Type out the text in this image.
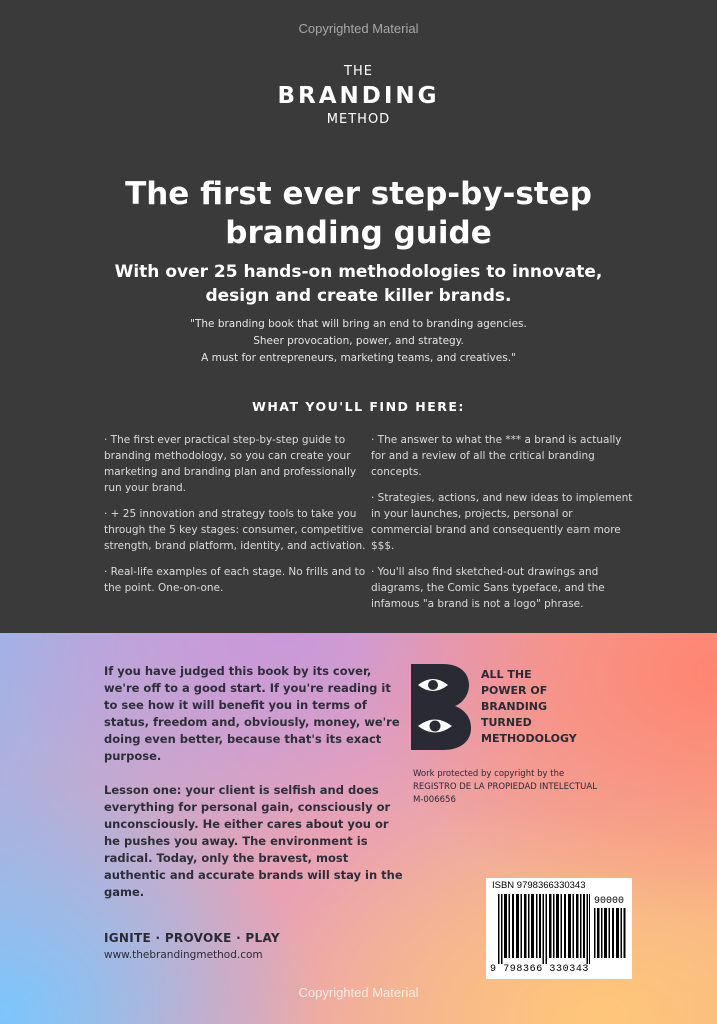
Copyrighted Material
THE
BRANDING
METHOD
The first ever step-by-step
branding guide
With over 25 hands-on methodologies to innovate,
design and create killer brands.
"The branding book that will bring an end to branding agencies.
Sheer provocation, power, and strategy.
A must for entrepreneurs, marketing teams, and creatives."
WHAT YOU'LL FIND HERE:
· The first ever practical step-by-step guide to branding methodology, so you can create your marketing and branding plan and professionally run your brand.
· + 25 innovation and strategy tools to take you through the 5 key stages: consumer, competitive strength, brand platform, identity, and activation.
· Real-life examples of each stage. No frills and to the point. One-on-one.
· The answer to what the *** a brand is actually for and a review of all the critical branding concepts.
· Strategies, actions, and new ideas to implement in your launches, projects, personal or commercial brand and consequently earn more $$$.
· You'll also find sketched-out drawings and diagrams, the Comic Sans typeface, and the infamous "a brand is not a logo" phrase.
If you have judged this book by its cover, we're off to a good start. If you're reading it to see how it will benefit you in terms of status, freedom and, obviously, money, we're doing even better, because that's its exact purpose.
Lesson one: your client is selfish and does everything for personal gain, consciously or unconsciously. He either cares about you or he pushes you away. The environment is radical. Today, only the bravest, most authentic and accurate brands will stay in the game.
IGNITE · PROVOKE · PLAY
www.thebrandingmethod.com
ALL THE
POWER OF
BRANDING
TURNED
METHODOLOGY
Work protected by copyright by the
REGISTRO DE LA PROPIEDAD INTELECTUAL
M-006656
ISBN 9798366330343
90000
9 798366 330343
Copyrighted Material
